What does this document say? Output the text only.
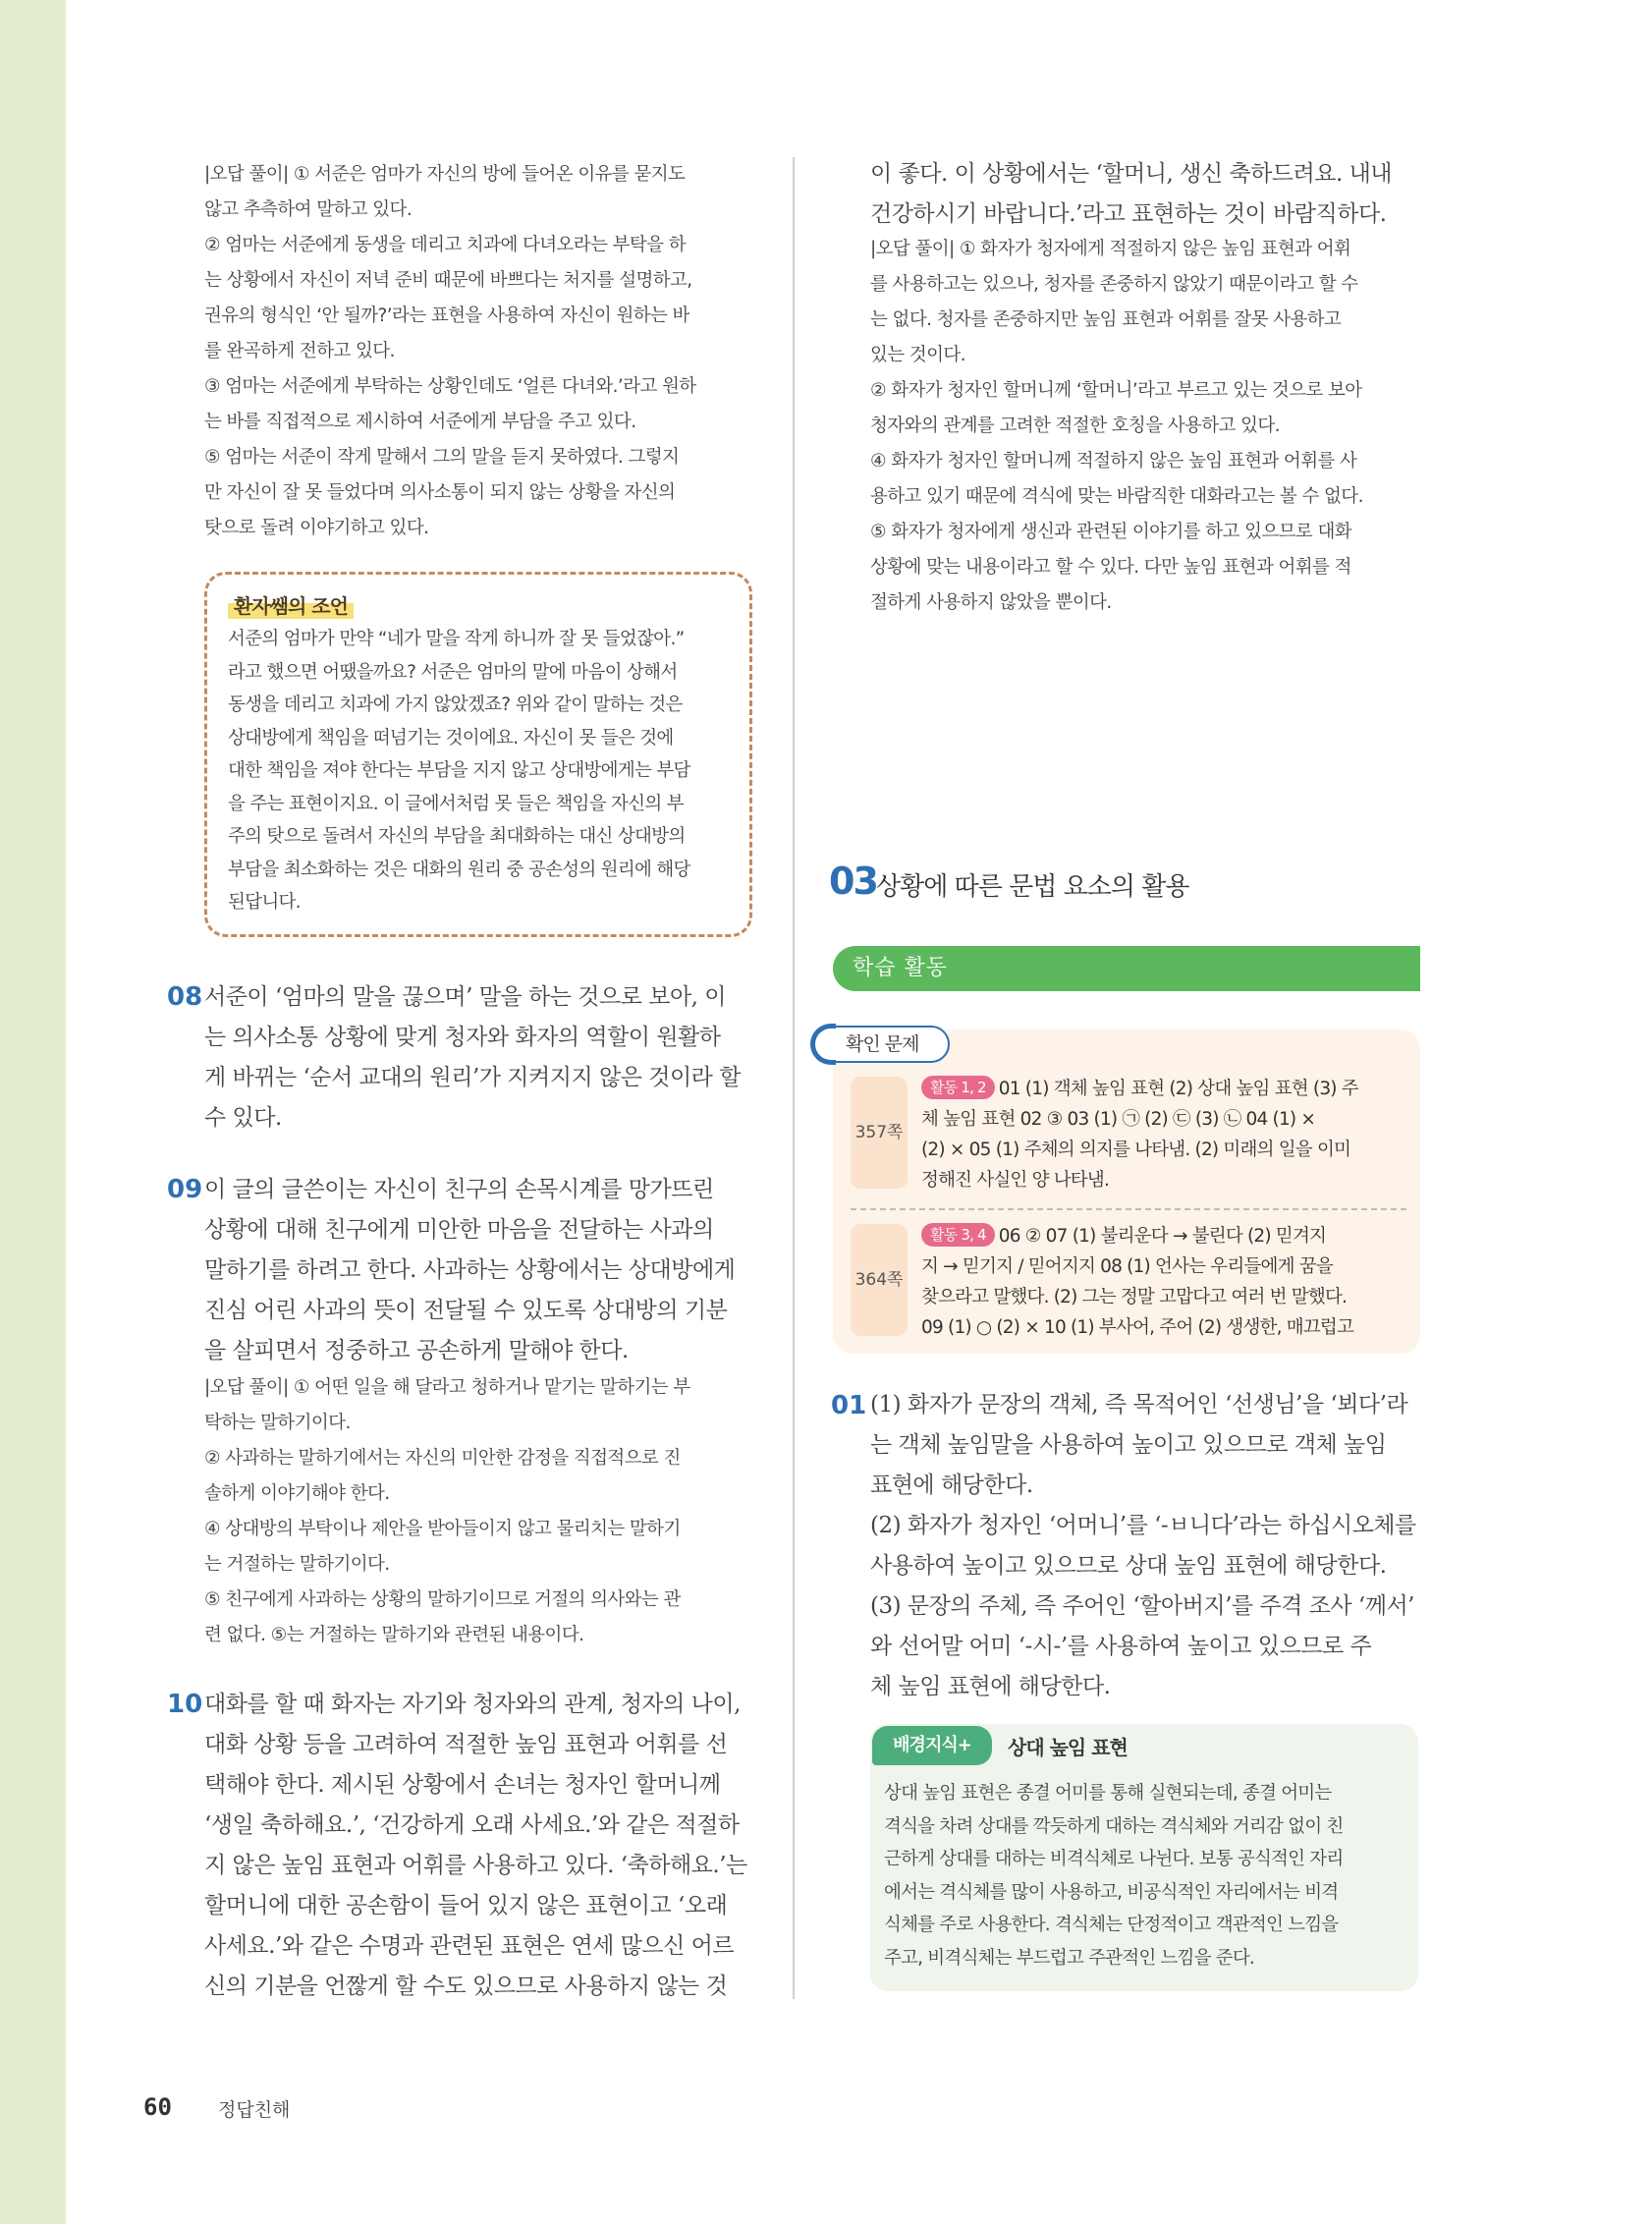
|오답 풀이| ① 서준은 엄마가 자신의 방에 들어온 이유를 묻지도

않고 추측하여 말하고 있다.

② 엄마는 서준에게 동생을 데리고 치과에 다녀오라는 부탁을 하

는 상황에서 자신이 저녁 준비 때문에 바쁘다는 처지를 설명하고,

권유의 형식인 ‘안 될까?’라는 표현을 사용하여 자신이 원하는 바

를 완곡하게 전하고 있다.

③ 엄마는 서준에게 부탁하는 상황인데도 ‘얼른 다녀와.’라고 원하

는 바를 직접적으로 제시하여 서준에게 부담을 주고 있다.

⑤ 엄마는 서준이 작게 말해서 그의 말을 듣지 못하였다. 그렇지

만 자신이 잘 못 들었다며 의사소통이 되지 않는 상황을 자신의

탓으로 돌려 이야기하고 있다.

환자쌤의 조언

서준의 엄마가 만약 “네가 말을 작게 하니까 잘 못 들었잖아.”

라고 했으면 어땠을까요? 서준은 엄마의 말에 마음이 상해서

동생을 데리고 치과에 가지 않았겠죠? 위와 같이 말하는 것은

상대방에게 책임을 떠넘기는 것이에요. 자신이 못 들은 것에

대한 책임을 져야 한다는 부담을 지지 않고 상대방에게는 부담

을 주는 표현이지요. 이 글에서처럼 못 들은 책임을 자신의 부

주의 탓으로 돌려서 자신의 부담을 최대화하는 대신 상대방의

부담을 최소화하는 것은 대화의 원리 중 공손성의 원리에 해당

된답니다.

08 서준이 ‘엄마의 말을 끊으며’ 말을 하는 것으로 보아, 이

는 의사소통 상황에 맞게 청자와 화자의 역할이 원활하

게 바뀌는 ‘순서 교대의 원리’가 지켜지지 않은 것이라 할

수 있다.

09 이 글의 글쓴이는 자신이 친구의 손목시계를 망가뜨린

상황에 대해 친구에게 미안한 마음을 전달하는 사과의

말하기를 하려고 한다. 사과하는 상황에서는 상대방에게

진심 어린 사과의 뜻이 전달될 수 있도록 상대방의 기분

을 살피면서 정중하고 공손하게 말해야 한다.

|오답 풀이| ① 어떤 일을 해 달라고 청하거나 맡기는 말하기는 부

탁하는 말하기이다.

② 사과하는 말하기에서는 자신의 미안한 감정을 직접적으로 진

솔하게 이야기해야 한다.

④ 상대방의 부탁이나 제안을 받아들이지 않고 물리치는 말하기

는 거절하는 말하기이다.

⑤ 친구에게 사과하는 상황의 말하기이므로 거절의 의사와는 관

련 없다. ⑤는 거절하는 말하기와 관련된 내용이다.

10 대화를 할 때 화자는 자기와 청자와의 관계, 청자의 나이,

대화 상황 등을 고려하여 적절한 높임 표현과 어휘를 선

택해야 한다. 제시된 상황에서 손녀는 청자인 할머니께

‘생일 축하해요.’, ‘건강하게 오래 사세요.’와 같은 적절하

지 않은 높임 표현과 어휘를 사용하고 있다. ‘축하해요.’는

할머니에 대한 공손함이 들어 있지 않은 표현이고 ‘오래

사세요.’와 같은 수명과 관련된 표현은 연세 많으신 어르

신의 기분을 언짢게 할 수도 있으므로 사용하지 않는 것

이 좋다. 이 상황에서는 ‘할머니, 생신 축하드려요. 내내

건강하시기 바랍니다.’라고 표현하는 것이 바람직하다.

|오답 풀이| ① 화자가 청자에게 적절하지 않은 높임 표현과 어휘

를 사용하고는 있으나, 청자를 존중하지 않았기 때문이라고 할 수

는 없다. 청자를 존중하지만 높임 표현과 어휘를 잘못 사용하고

있는 것이다.

② 화자가 청자인 할머니께 ‘할머니’라고 부르고 있는 것으로 보아

청자와의 관계를 고려한 적절한 호칭을 사용하고 있다.

④ 화자가 청자인 할머니께 적절하지 않은 높임 표현과 어휘를 사

용하고 있기 때문에 격식에 맞는 바람직한 대화라고는 볼 수 없다.

⑤ 화자가 청자에게 생신과 관련된 이야기를 하고 있으므로 대화

상황에 맞는 내용이라고 할 수 있다. 다만 높임 표현과 어휘를 적

절하게 사용하지 않았을 뿐이다.

03 상황에 따른 문법 요소의 활용
학습 활동
확인 문제
357쪽

활동 1, 2 01 (1) 객체 높임 표현 (2) 상대 높임 표현 (3) 주

체 높임 표현 02 ③ 03 (1) ㉠ (2) ㉢ (3) ㉡ 04 (1) ×

(2) × 05 (1) 주체의 의지를 나타냄. (2) 미래의 일을 이미

정해진 사실인 양 나타냄.

364쪽

활동 3, 4 06 ② 07 (1) 불리운다 → 불린다 (2) 믿겨지

지 → 믿기지 / 믿어지지 08 (1) 언사는 우리들에게 꿈을

찾으라고 말했다. (2) 그는 정말 고맙다고 여러 번 말했다.

09 (1) ○ (2) × 10 (1) 부사어, 주어 (2) 생생한, 매끄럽고

01 (1) 화자가 문장의 객체, 즉 목적어인 ‘선생님’을 ‘뵈다’라

는 객체 높임말을 사용하여 높이고 있으므로 객체 높임

표현에 해당한다.

(2) 화자가 청자인 ‘어머니’를 ‘-ㅂ니다’라는 하십시오체를

사용하여 높이고 있으므로 상대 높임 표현에 해당한다.

(3) 문장의 주체, 즉 주어인 ‘할아버지’를 주격 조사 ‘께서’

와 선어말 어미 ‘-시-’를 사용하여 높이고 있으므로 주

체 높임 표현에 해당한다.

배경지식+	상대 높임 표현

상대 높임 표현은 종결 어미를 통해 실현되는데, 종결 어미는

격식을 차려 상대를 깍듯하게 대하는 격식체와 거리감 없이 친

근하게 상대를 대하는 비격식체로 나뉜다. 보통 공식적인 자리

에서는 격식체를 많이 사용하고, 비공식적인 자리에서는 비격

식체를 주로 사용한다. 격식체는 단정적이고 객관적인 느낌을

주고, 비격식체는 부드럽고 주관적인 느낌을 준다.

60 정답친해
